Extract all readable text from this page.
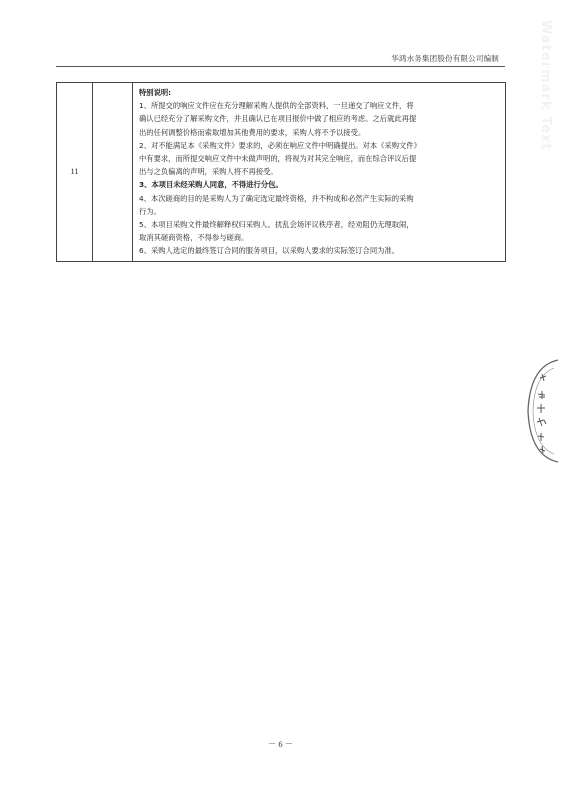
华鸿水务集团股份有限公司编制	Watermark Text
11		
特别说明:
1、所提交的响应文件应在充分理解采购人提供的全部资料，一旦递交了响应文件，将
确认已经充分了解采购文件，并且确认已在项目报价中做了相应的考虑。之后就此再提
出的任何调整价格而索取增加其他费用的要求，采购人将不予以接受。
2、对不能满足本《采购文件》要求的，必须在响应文件中明确提出。对本《采购文件》
中有要求，而所提交响应文件中未做声明的，将视为对其完全响应，而在综合评议后提
出与之负偏离的声明，采购人将不再接受。
3、本项目未经采购人同意，不得进行分包。
4、本次磋商的目的是采购人为了确定选定最终资格，并不构成和必然产生实际的采购
行为。
5、本项目采购文件最终解释权归采购人。扰乱会场评议秩序者，经劝阻仍无理取闹，
取消其磋商资格，不得参与磋商。
6、采购人选定的最终签订合同的服务项目，以采购人要求的实际签订合同为准。
－ 6 －
